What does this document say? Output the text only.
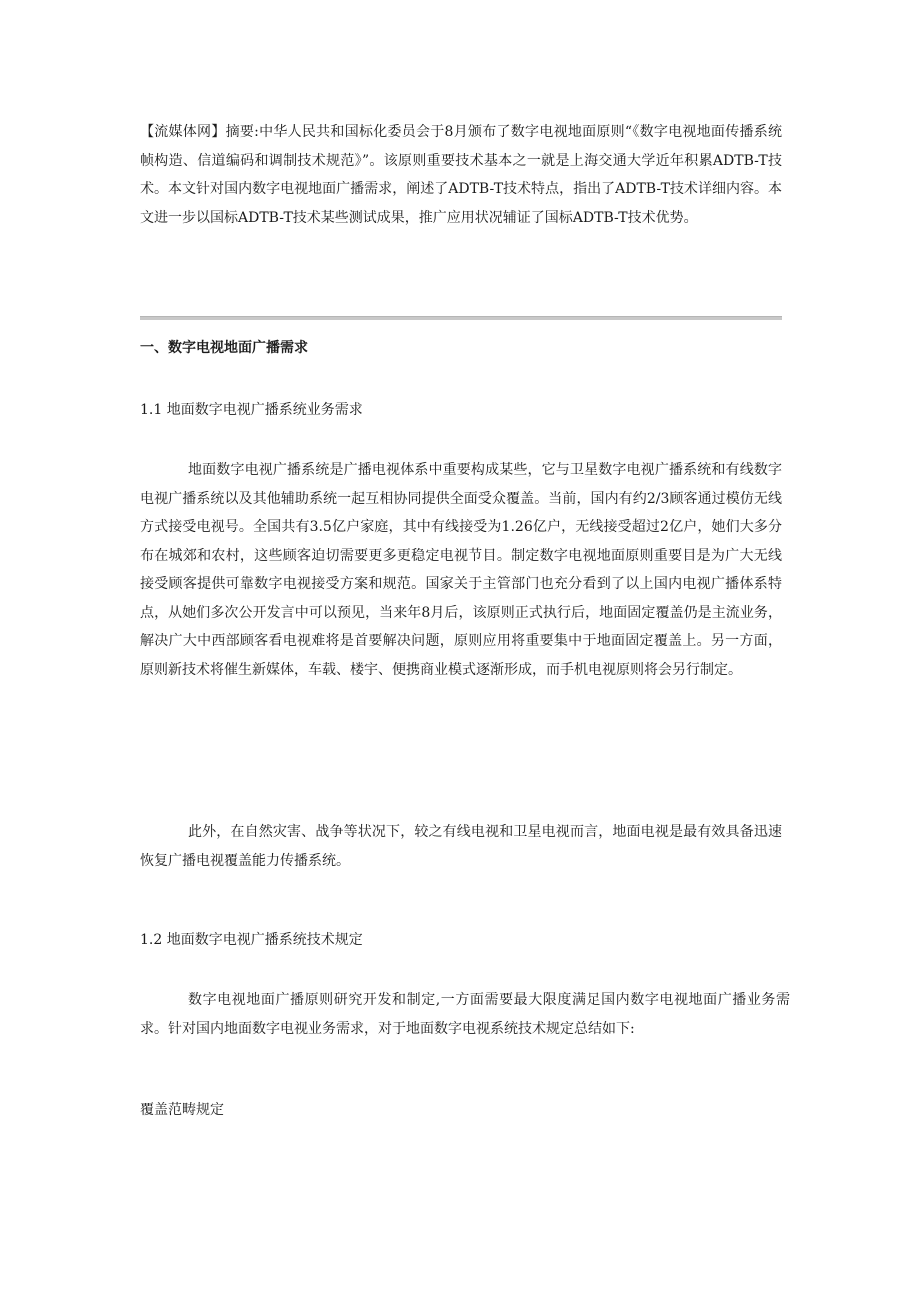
【流媒体网】摘要:中华人民共和国标化委员会于8月颁布了数字电视地面原则“《数字电视地面传播系统帧构造、信道编码和调制技术规范》”。该原则重要技术基本之一就是上海交通大学近年积累ADTB-T技术。本文针对国内数字电视地面广播需求，阐述了ADTB-T技术特点，指出了ADTB-T技术详细内容。本文进一步以国标ADTB-T技术某些测试成果，推广应用状况辅证了国标ADTB-T技术优势。

一、数字电视地面广播需求
1.1 地面数字电视广播系统业务需求

地面数字电视广播系统是广播电视体系中重要构成某些，它与卫星数字电视广播系统和有线数字电视广播系统以及其他辅助系统一起互相协同提供全面受众覆盖。当前，国内有约2/3顾客通过模仿无线方式接受电视号。全国共有3.5亿户家庭，其中有线接受为1.26亿户，无线接受超过2亿户，她们大多分布在城郊和农村，这些顾客迫切需要更多更稳定电视节目。制定数字电视地面原则重要目是为广大无线接受顾客提供可靠数字电视接受方案和规范。国家关于主管部门也充分看到了以上国内电视广播体系特点，从她们多次公开发言中可以预见，当来年8月后，该原则正式执行后，地面固定覆盖仍是主流业务，解决广大中西部顾客看电视难将是首要解决问题，原则应用将重要集中于地面固定覆盖上。另一方面，原则新技术将催生新媒体，车载、楼宇、便携商业模式逐渐形成，而手机电视原则将会另行制定。

此外，在自然灾害、战争等状况下，较之有线电视和卫星电视而言，地面电视是最有效具备迅速恢复广播电视覆盖能力传播系统。

1.2 地面数字电视广播系统技术规定

数字电视地面广播原则研究开发和制定,一方面需要最大限度满足国内数字电视地面广播业务需求。针对国内地面数字电视业务需求，对于地面数字电视系统技术规定总结如下:

覆盖范畴规定
